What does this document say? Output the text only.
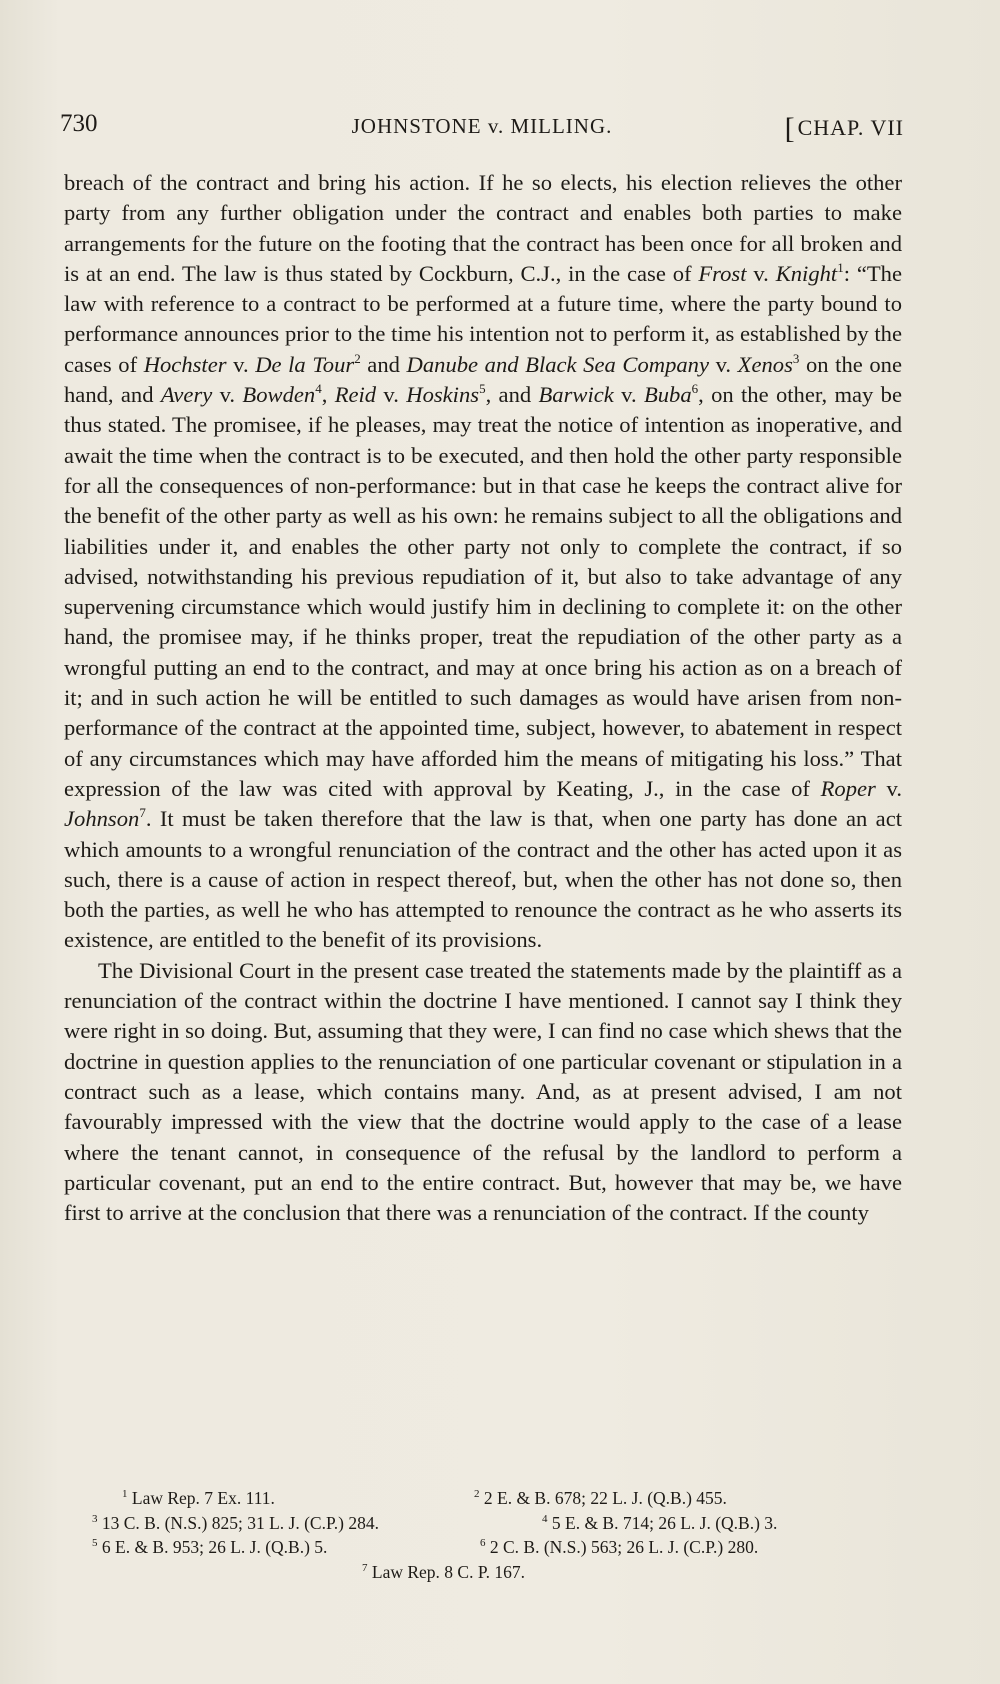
730	JOHNSTONE v. MILLING.	[CHAP. VII

breach of the contract and bring his action. If he so elects, his election relieves the other party from any further obligation under the contract and enables both parties to make arrangements for the future on the footing that the contract has been once for all broken and is at an end. The law is thus stated by Cockburn, C.J., in the case of Frost v. Knight$^1$: “The law with reference to a contract to be performed at a future time, where the party bound to performance announces prior to the time his intention not to perform it, as established by the cases of Hochster v. De la Tour$^2$ and Danube and Black Sea Company v. Xenos$^3$ on the one hand, and Avery v. Bowden$^4$, Reid v. Hoskins$^5$, and Barwick v. Buba$^6$, on the other, may be thus stated. The promisee, if he pleases, may treat the notice of intention as inoperative, and await the time when the contract is to be executed, and then hold the other party responsible for all the consequences of non-performance: but in that case he keeps the contract alive for the benefit of the other party as well as his own: he remains subject to all the obligations and liabilities under it, and enables the other party not only to complete the contract, if so advised, notwithstanding his previous repudiation of it, but also to take advantage of any supervening circumstance which would justify him in declining to complete it: on the other hand, the promisee may, if he thinks proper, treat the repudiation of the other party as a wrongful putting an end to the contract, and may at once bring his action as on a breach of it; and in such action he will be entitled to such damages as would have arisen from non-performance of the contract at the appointed time, subject, however, to abatement in respect of any circumstances which may have afforded him the means of mitigating his loss.” That expression of the law was cited with approval by Keating, J., in the case of Roper v. Johnson$^7$. It must be taken therefore that the law is that, when one party has done an act which amounts to a wrongful renunciation of the contract and the other has acted upon it as such, there is a cause of action in respect thereof, but, when the other has not done so, then both the parties, as well he who has attempted to renounce the contract as he who asserts its existence, are entitled to the benefit of its provisions.

The Divisional Court in the present case treated the statements made by the plaintiff as a renunciation of the contract within the doctrine I have mentioned. I cannot say I think they were right in so doing. But, assuming that they were, I can find no case which shews that the doctrine in question applies to the renunciation of one particular covenant or stipulation in a contract such as a lease, which contains many. And, as at present advised, I am not favourably impressed with the view that the doctrine would apply to the case of a lease where the tenant cannot, in consequence of the refusal by the landlord to perform a particular covenant, put an end to the entire contract. But, however that may be, we have first to arrive at the conclusion that there was a renunciation of the contract. If the county

$^1$ Law Rep. 7 Ex. 111.	$^2$ 2 E. & B. 678; 22 L. J. (Q.B.) 455.
$^3$ 13 C. B. (N.S.) 825; 31 L. J. (C.P.) 284.	$^4$ 5 E. & B. 714; 26 L. J. (Q.B.) 3.
$^5$ 6 E. & B. 953; 26 L. J. (Q.B.) 5.	$^6$ 2 C. B. (N.S.) 563; 26 L. J. (C.P.) 280.
$^7$ Law Rep. 8 C. P. 167.
